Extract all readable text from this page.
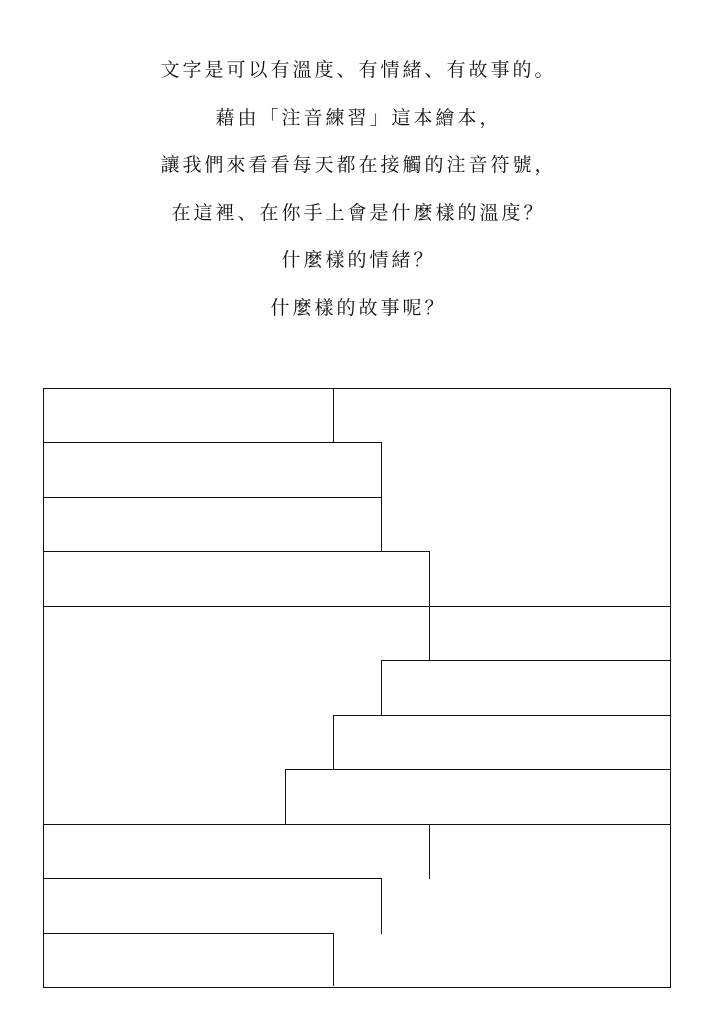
文字是可以有溫度、有情緒、有故事的。
藉由「注音練習」這本繪本，
讓我們來看看每天都在接觸的注音符號，
在這裡、在你手上會是什麼樣的溫度？
什麼樣的情緒？
什麼樣的故事呢？
